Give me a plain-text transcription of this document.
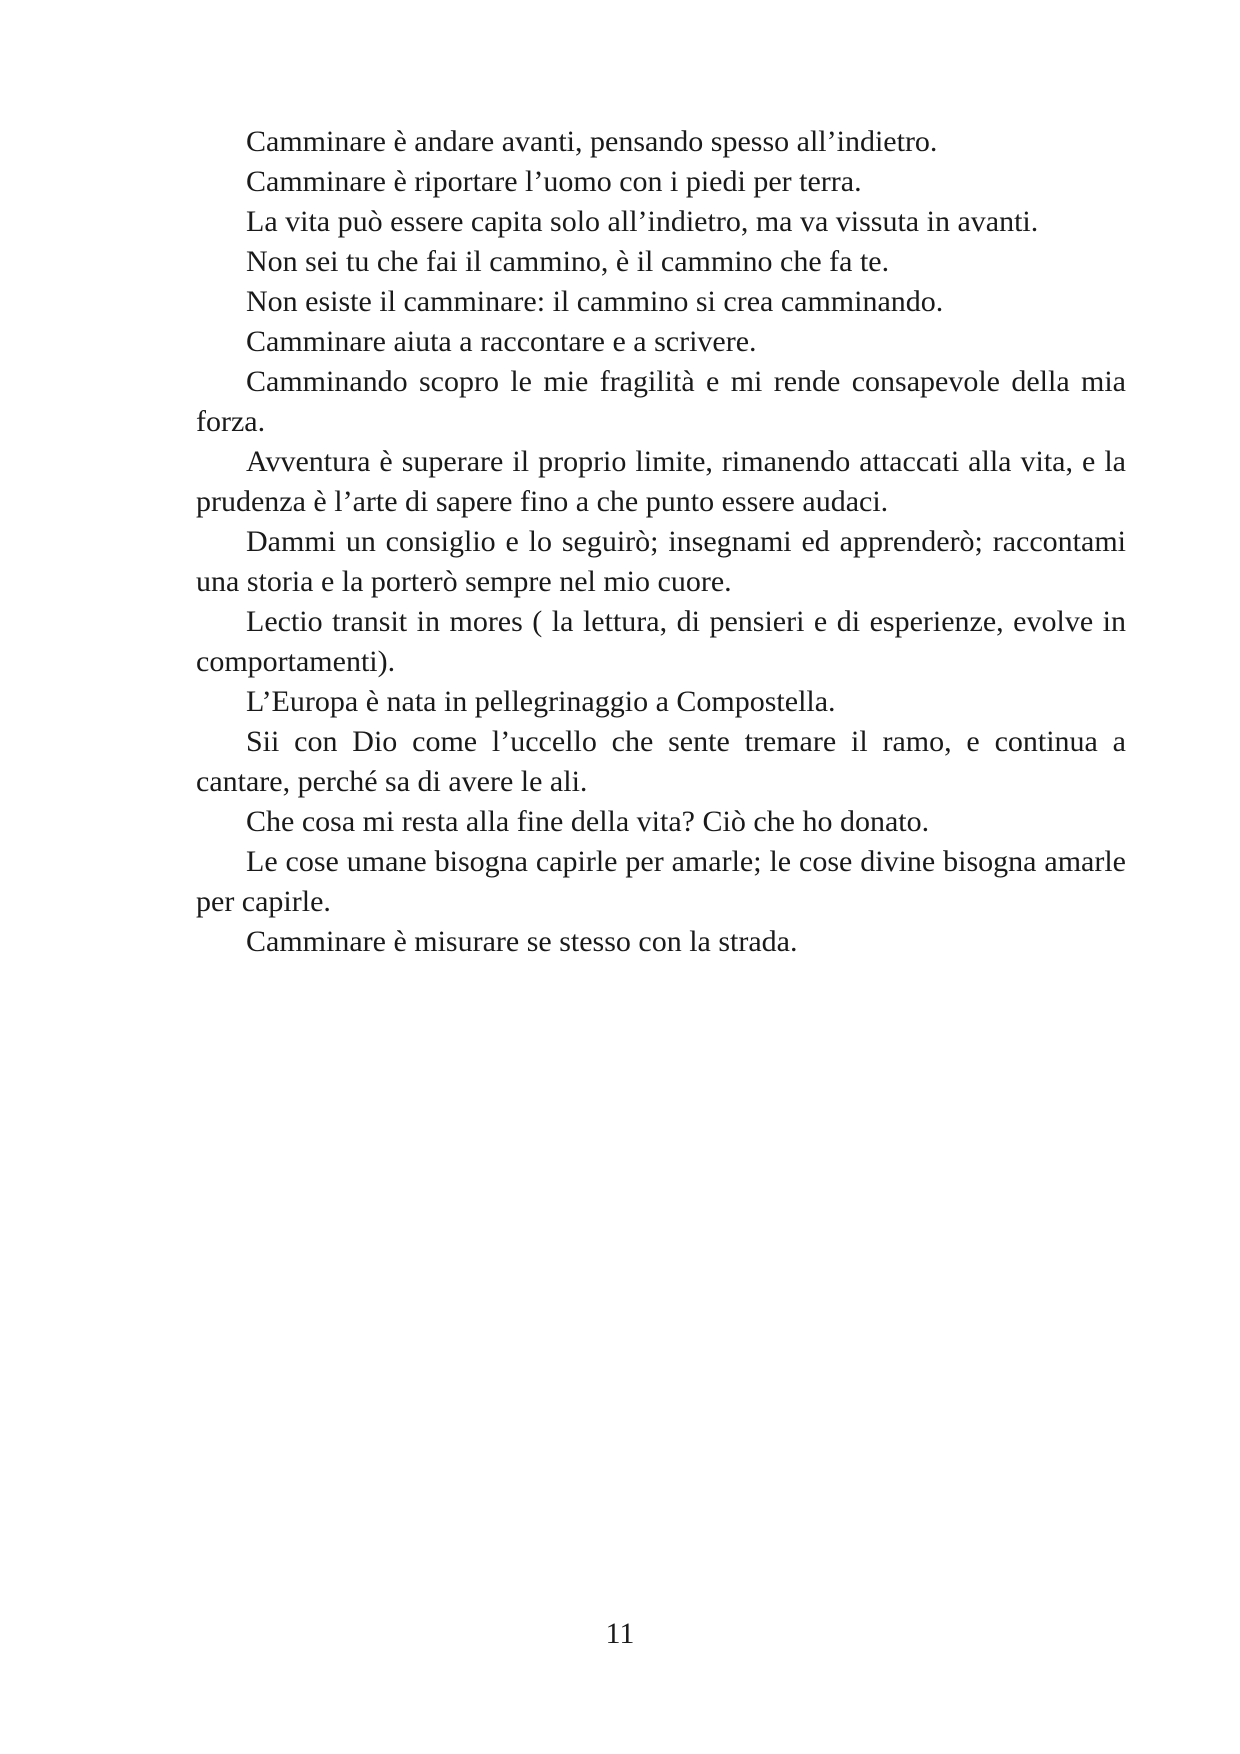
Camminare è andare avanti, pensando spesso all’indietro.

Camminare è riportare l’uomo con i piedi per terra.

La vita può essere capita solo all’indietro, ma va vissuta in avanti.

Non sei tu che fai il cammino, è il cammino che fa te.

Non esiste il camminare: il cammino si crea camminando.

Camminare aiuta a raccontare e a scrivere.

Camminando scopro le mie fragilità e mi rende consapevole della mia forza.

Avventura è superare il proprio limite, rimanendo attaccati alla vita, e la prudenza è l’arte di sapere fino a che punto essere audaci.

Dammi un consiglio e lo seguirò; insegnami ed apprenderò; raccontami una storia e la porterò sempre nel mio cuore.

Lectio transit in mores ( la lettura, di pensieri e di esperienze, evolve in comportamenti).

L’Europa è nata in pellegrinaggio a Compostella.

Sii con Dio come l’uccello che sente tremare il ramo, e continua a cantare, perché sa di avere le ali.

Che cosa mi resta alla fine della vita? Ciò che ho donato.

Le cose umane bisogna capirle per amarle; le cose divine bisogna amarle per capirle.

Camminare è misurare se stesso con la strada.

11
